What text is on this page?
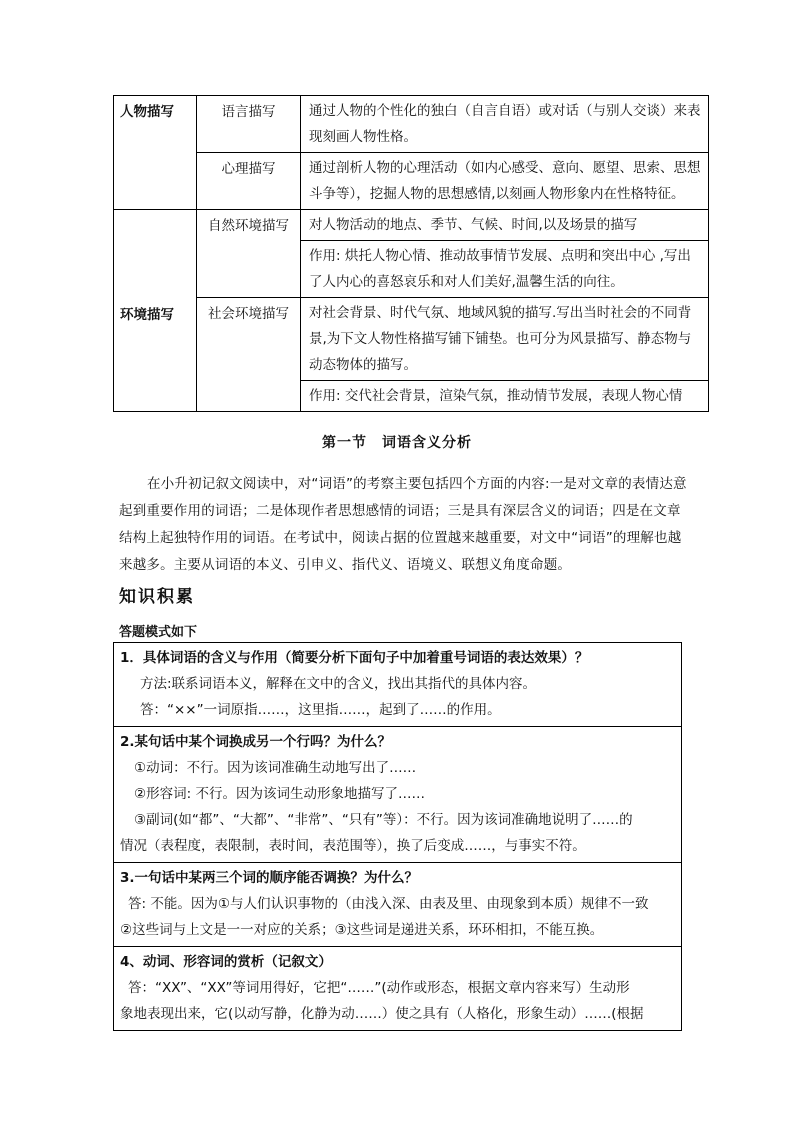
人物描写	语言描写	通过人物的个性化的独白（自言自语）或对话（与别人交谈）来表
现刻画人物性格。

	心理描写	通过剖析人物的心理活动（如内心感受、意向、愿望、思索、思想
斗争等），挖掘人物的思想感情,以刻画人物形象内在性格特征。

环境描写	自然环境描写	对人物活动的地点、季节、气候、时间,以及场景的描写

		作用: 烘托人物心情、推动故事情节发展、点明和突出中心 ,写出
了人内心的喜怒哀乐和对人们美好,温馨生活的向往。

	社会环境描写	对社会背景、时代气氛、地域风貌的描写.写出当时社会的不同背
景,为下文人物性格描写铺下铺垫。也可分为风景描写、静态物与
动态物体的描写。

		作用: 交代社会背景，渲染气氛，推动情节发展，表现人物心情
第一节　词语含义分析
在小升初记叙文阅读中，对“词语”的考察主要包括四个方面的内容:一是对文章的表情达意起到重要作用的词语；二是体现作者思想感情的词语；三是具有深层含义的词语；四是在文章结构上起独特作用的词语。在考试中，阅读占据的位置越来越重要，对文中“词语”的理解也越来越多。主要从词语的本义、引申义、指代义、语境义、联想义角度命题。
知识积累
答题模式如下
1．具体词语的含义与作用（简要分析下面句子中加着重号词语的表达效果）？
方法:联系词语本义，解释在文中的含义，找出其指代的具体内容。
答：“××”一词原指……，这里指……，起到了……的作用。
2.某句话中某个词换成另一个行吗？为什么？
①动词：不行。因为该词准确生动地写出了……
②形容词: 不行。因为该词生动形象地描写了……
③副词(如“都”、“大都”、“非常”、“只有”等）：不行。因为该词准确地说明了……的
情况（表程度，表限制，表时间，表范围等），换了后变成……，与事实不符。
3.一句话中某两三个词的顺序能否调换？为什么？
答: 不能。因为①与人们认识事物的（由浅入深、由表及里、由现象到本质）规律不一致
②这些词与上文是一一对应的关系；③这些词是递进关系，环环相扣，不能互换。
4、动词、形容词的赏析（记叙文）
答：“XX”、“XX”等词用得好，它把“……”(动作或形态，根据文章内容来写）生动形
象地表现出来，它(以动写静，化静为动……）使之具有（人格化，形象生动）……(根据
